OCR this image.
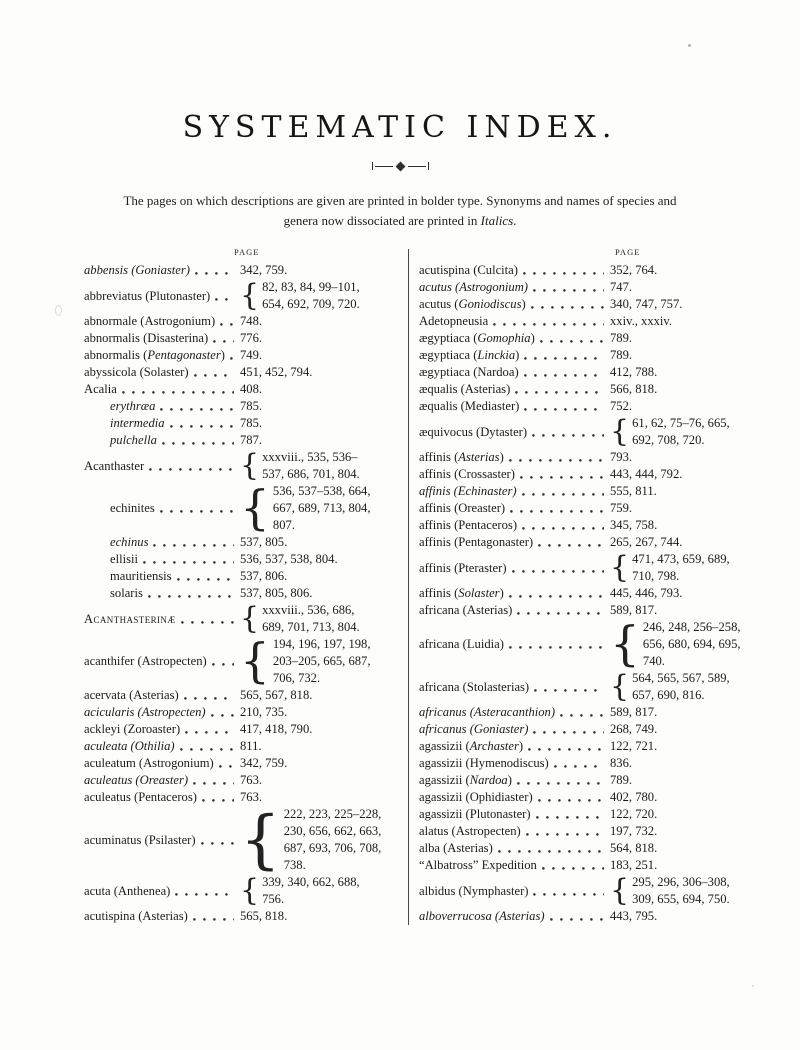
SYSTEMATIC INDEX.

The pages on which descriptions are given are printed in bolder type. Synonyms and names of species and
genera now dissociated are printed in Italics.

PAGE
abbensis (Goniaster)	342, 759.
abbreviatus (Plutonaster) { 82, 83, 84, 99–101,
654, 692, 709, 720.
abnormale (Astrogonium) 748.
abnormalis (Disasterina)	776.
abnormalis (Pentagonaster) 749.
abyssicola (Solaster)	451, 452, 794.
Acalia	408.
erythræa	785.
intermedia	785.
pulchella	787.
Acanthaster	{ xxxviii., 535, 536–
537, 686, 701, 804.
echinites { 536, 537–538, 664,
667, 689, 713, 804,
807.
echinus	537, 805.
ellisii	536, 537, 538, 804.
mauritiensis	537, 806.
solaris	537, 805, 806.
Acanthasterinæ { xxxviii., 536, 686,
689, 701, 713, 804.
acanthifer (Astropecten) { 194, 196, 197, 198,
203–205, 665, 687,
706, 732.
acervata (Asterias)	565, 567, 818.
acicularis (Astropecten)	210, 735.
ackleyi (Zoroaster)	417, 418, 790.
aculeata (Othilia)	811.
aculeatum (Astrogonium) 342, 759.
aculeatus (Oreaster)	763.
aculeatus (Pentaceros)	763.
acuminatus (Psilaster) { 222, 223, 225–228,
230, 656, 662, 663,
687, 693, 706, 708,
738.
acuta (Anthenea) { 339, 340, 662, 688,
756.
acutispina (Asterias)	565, 818.
PAGE
acutispina (Culcita)	352, 764.
acutus (Astrogonium)	747.
acutus (Goniodiscus)	340, 747, 757.
Adetopneusia	xxiv., xxxiv.
ægyptiaca (Gomophia)	789.
ægyptiaca (Linckia)	789.
ægyptiaca (Nardoa)	412, 788.
æqualis (Asterias)	566, 818.
æqualis (Mediaster)	752.
æquivocus (Dytaster)	{ 61, 62, 75–76, 665,
692, 708, 720.
affinis (Asterias)	793.
affinis (Crossaster)	443, 444, 792.
affinis (Echinaster)	555, 811.
affinis (Oreaster)	759.
affinis (Pentaceros)	345, 758.
affinis (Pentagonaster)	265, 267, 744.
affinis (Pteraster)	{ 471, 473, 659, 689,
710, 798.
affinis (Solaster)	445, 446, 793.
africana (Asterias)	589, 817.
africana (Luidia) { 246, 248, 256–258,
656, 680, 694, 695,
740.
africana (Stolasterias)	{ 564, 565, 567, 589,
657, 690, 816.
africanus (Asteracanthion)	589, 817.
africanus (Goniaster)	268, 749.
agassizii (Archaster)	122, 721.
agassizii (Hymenodiscus)	836.
agassizii (Nardoa)	789.
agassizii (Ophidiaster)	402, 780.
agassizii (Plutonaster)	122, 720.
alatus (Astropecten)	197, 732.
alba (Asterias)	564, 818.
“Albatross” Expedition	183, 251.
albidus (Nymphaster)	{ 295, 296, 306–308,
309, 655, 694, 750.
alboverrucosa (Asterias)	443, 795.
